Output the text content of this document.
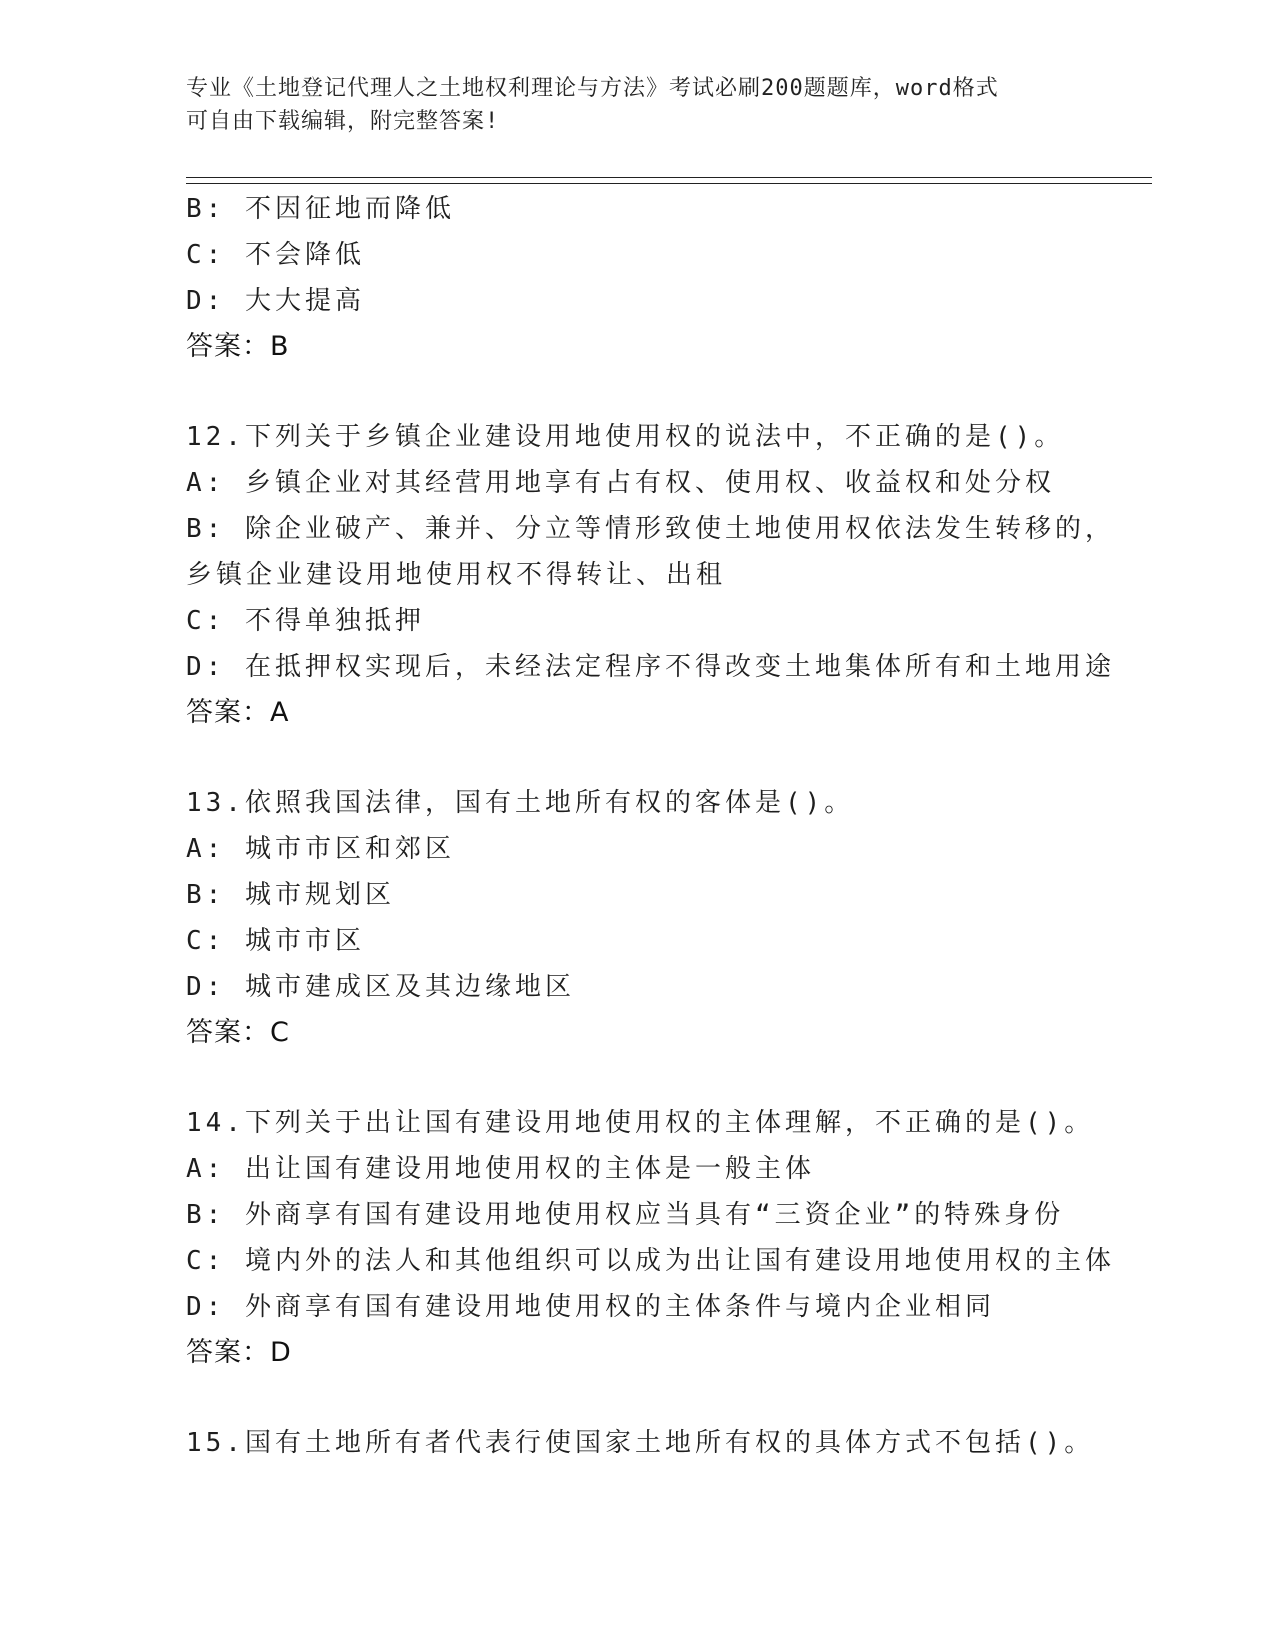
专业《土地登记代理人之土地权利理论与方法》考试必刷200题题库，word格式
可自由下载编辑，附完整答案!
B: 不因征地而降低
C: 不会降低
D: 大大提高
答案：B
12.下列关于乡镇企业建设用地使用权的说法中，不正确的是()。
A: 乡镇企业对其经营用地享有占有权、使用权、收益权和处分权
B: 除企业破产、兼并、分立等情形致使土地使用权依法发生转移的，
乡镇企业建设用地使用权不得转让、出租
C: 不得单独抵押
D: 在抵押权实现后，未经法定程序不得改变土地集体所有和土地用途
答案：A
13.依照我国法律，国有土地所有权的客体是()。
A: 城市市区和郊区
B: 城市规划区
C: 城市市区
D: 城市建成区及其边缘地区
答案：C
14.下列关于出让国有建设用地使用权的主体理解，不正确的是()。
A: 出让国有建设用地使用权的主体是一般主体
B: 外商享有国有建设用地使用权应当具有“三资企业”的特殊身份
C: 境内外的法人和其他组织可以成为出让国有建设用地使用权的主体
D: 外商享有国有建设用地使用权的主体条件与境内企业相同
答案：D
15.国有土地所有者代表行使国家土地所有权的具体方式不包括()。
